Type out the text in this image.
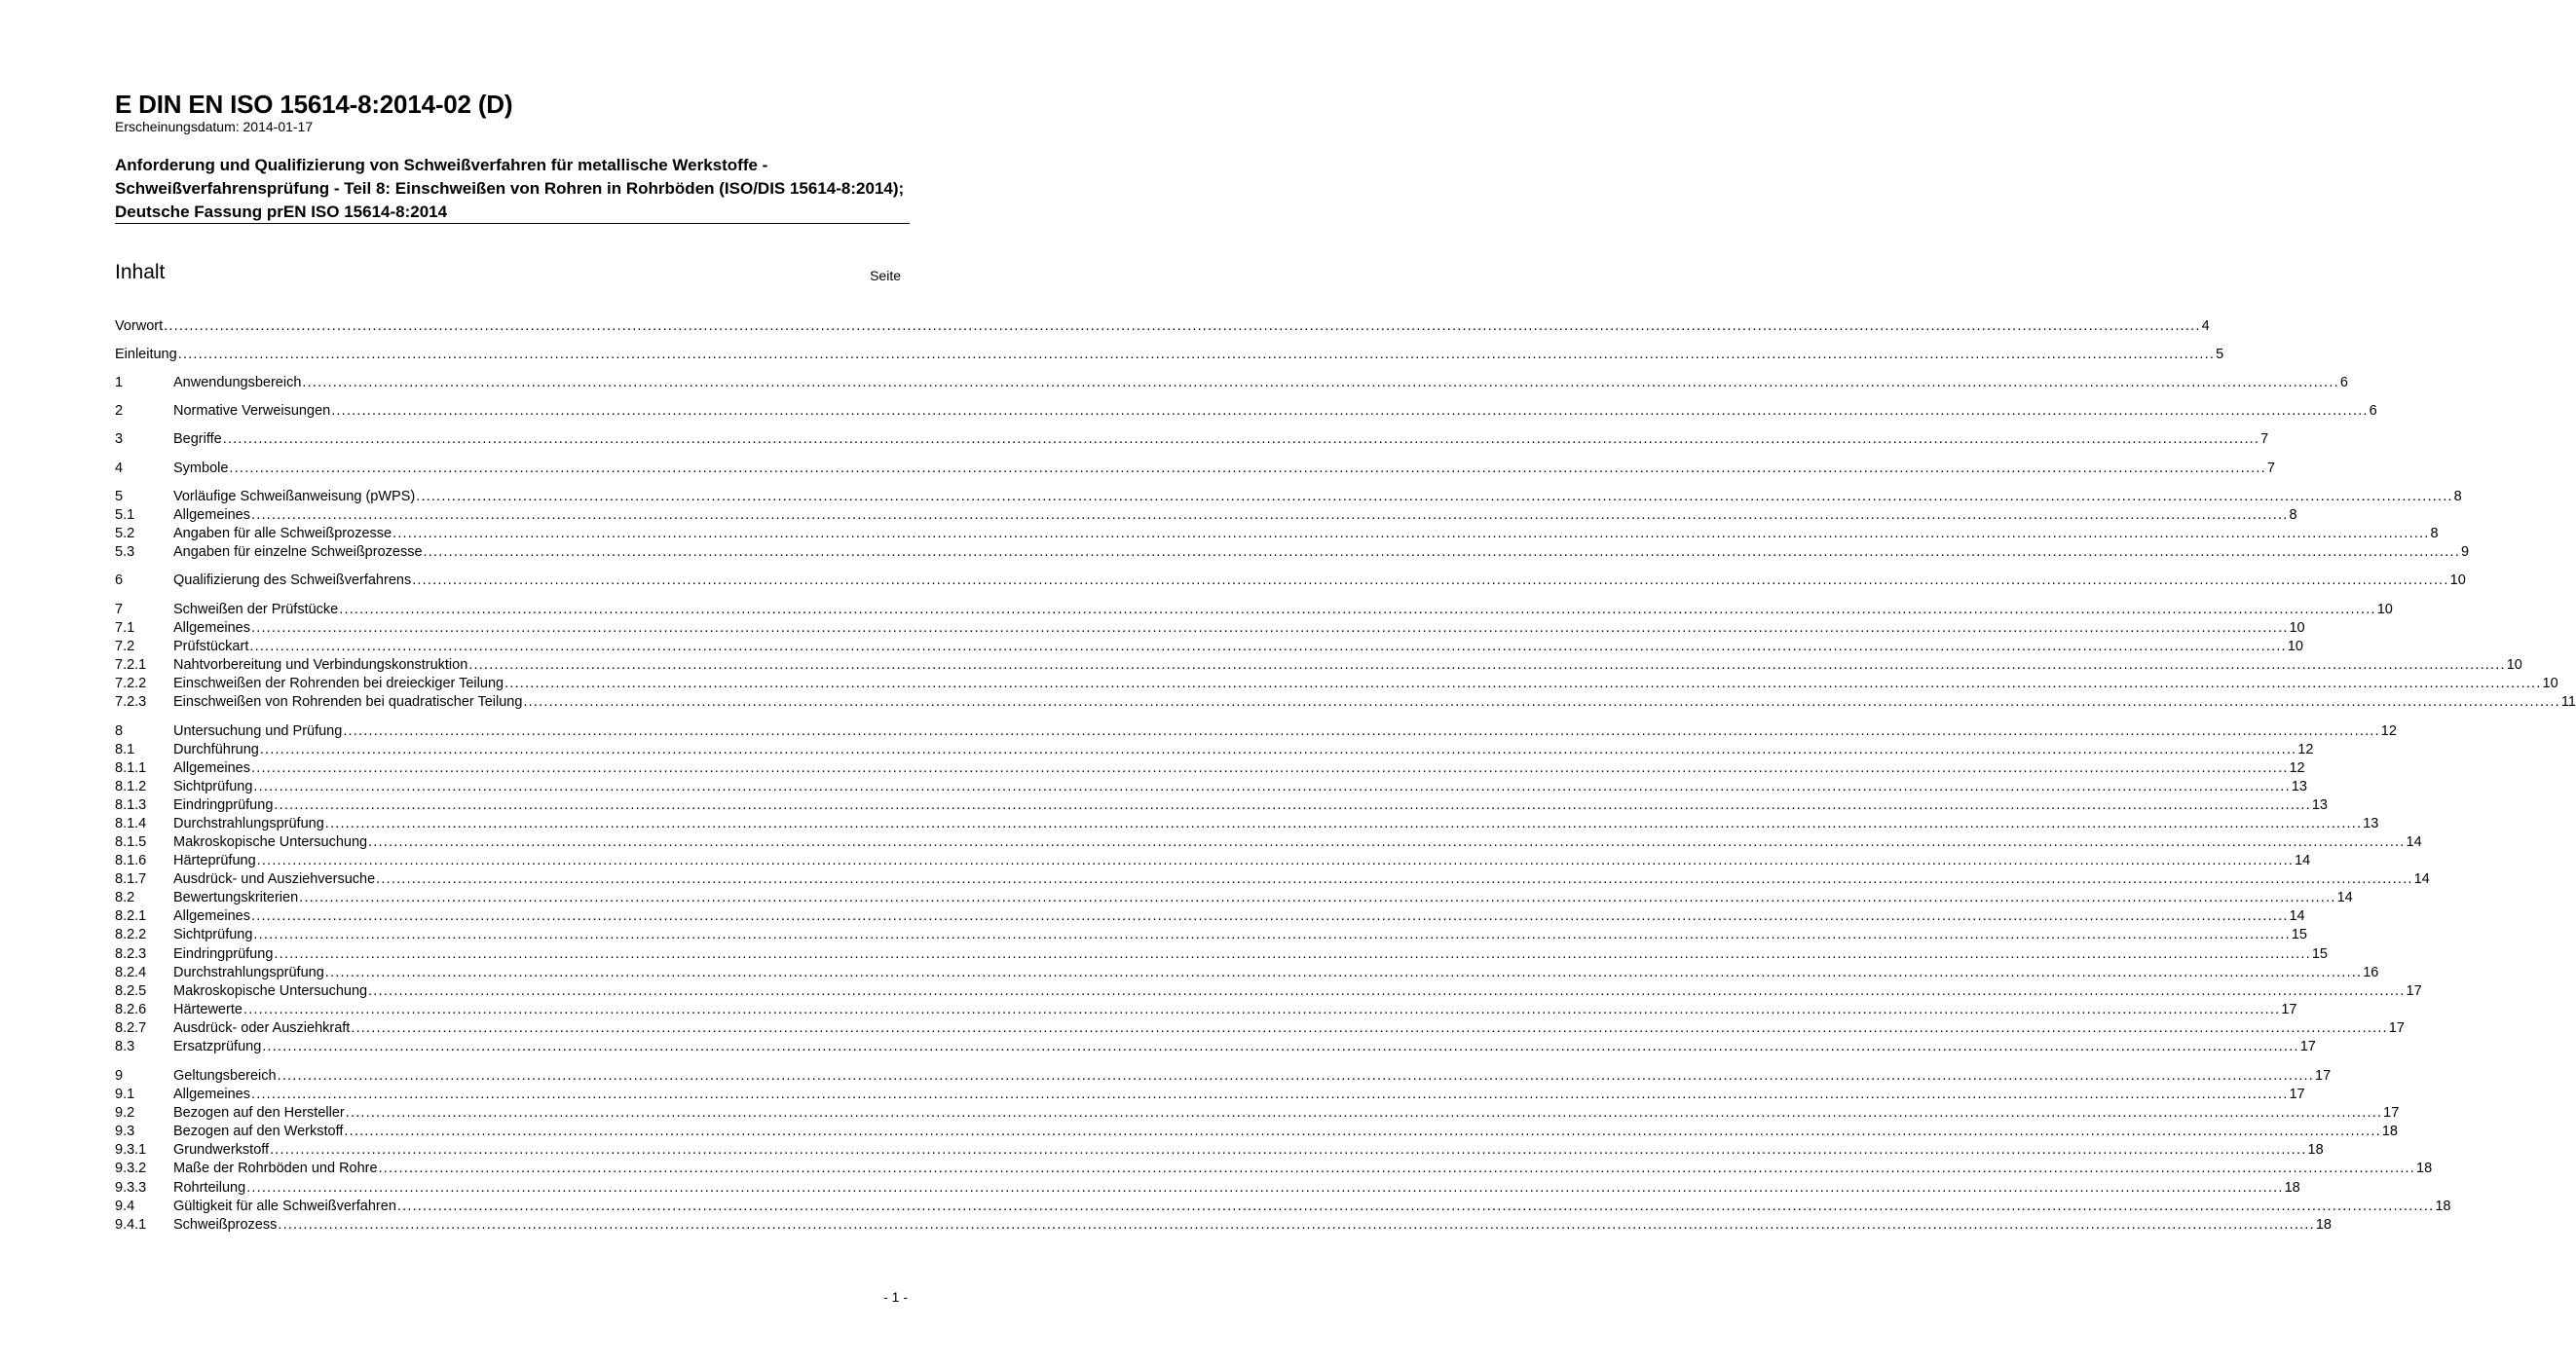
E DIN EN ISO 15614-8:2014-02 (D)
Erscheinungsdatum: 2014-01-17
Anforderung und Qualifizierung von Schweißverfahren für metallische Werkstoffe - Schweißverfahrensprüfung - Teil 8: Einschweißen von Rohren in Rohrböden (ISO/DIS 15614-8:2014); Deutsche Fassung prEN ISO 15614-8:2014
Inhalt	Seite
Vorwort ................................................................................................................................................................................................................................................................................................................................................................................................................ 4
Einleitung ................................................................................................................................................................................................................................................................................................................................................................................................................ 5
1	Anwendungsbereich ................................................................................................................................................................................................................................................................................................................................................................................................................ 6
2	Normative Verweisungen ................................................................................................................................................................................................................................................................................................................................................................................................................ 6
3	Begriffe ................................................................................................................................................................................................................................................................................................................................................................................................................ 7
4	Symbole ................................................................................................................................................................................................................................................................................................................................................................................................................ 7
5	Vorläufige Schweißanweisung (pWPS) ................................................................................................................................................................................................................................................................................................................................................................................................................ 8
5.1	Allgemeines ................................................................................................................................................................................................................................................................................................................................................................................................................ 8
5.2	Angaben für alle Schweißprozesse ................................................................................................................................................................................................................................................................................................................................................................................................................ 8
5.3	Angaben für einzelne Schweißprozesse ................................................................................................................................................................................................................................................................................................................................................................................................................ 9
6	Qualifizierung des Schweißverfahrens ................................................................................................................................................................................................................................................................................................................................................................................................................ 10
7	Schweißen der Prüfstücke ................................................................................................................................................................................................................................................................................................................................................................................................................ 10
7.1	Allgemeines ................................................................................................................................................................................................................................................................................................................................................................................................................ 10
7.2	Prüfstückart ................................................................................................................................................................................................................................................................................................................................................................................................................ 10
7.2.1	Nahtvorbereitung und Verbindungskonstruktion ................................................................................................................................................................................................................................................................................................................................................................................................................ 10
7.2.2	Einschweißen der Rohrenden bei dreieckiger Teilung ................................................................................................................................................................................................................................................................................................................................................................................................................ 10
7.2.3	Einschweißen von Rohrenden bei quadratischer Teilung ................................................................................................................................................................................................................................................................................................................................................................................................................ 11
8	Untersuchung und Prüfung ................................................................................................................................................................................................................................................................................................................................................................................................................ 12
8.1	Durchführung ................................................................................................................................................................................................................................................................................................................................................................................................................ 12
8.1.1	Allgemeines ................................................................................................................................................................................................................................................................................................................................................................................................................ 12
8.1.2	Sichtprüfung ................................................................................................................................................................................................................................................................................................................................................................................................................ 13
8.1.3	Eindringprüfung ................................................................................................................................................................................................................................................................................................................................................................................................................ 13
8.1.4	Durchstrahlungsprüfung ................................................................................................................................................................................................................................................................................................................................................................................................................ 13
8.1.5	Makroskopische Untersuchung ................................................................................................................................................................................................................................................................................................................................................................................................................ 14
8.1.6	Härteprüfung ................................................................................................................................................................................................................................................................................................................................................................................................................ 14
8.1.7	Ausdrück- und Ausziehversuche ................................................................................................................................................................................................................................................................................................................................................................................................................ 14
8.2	Bewertungskriterien ................................................................................................................................................................................................................................................................................................................................................................................................................ 14
8.2.1	Allgemeines ................................................................................................................................................................................................................................................................................................................................................................................................................ 14
8.2.2	Sichtprüfung ................................................................................................................................................................................................................................................................................................................................................................................................................ 15
8.2.3	Eindringprüfung ................................................................................................................................................................................................................................................................................................................................................................................................................ 15
8.2.4	Durchstrahlungsprüfung ................................................................................................................................................................................................................................................................................................................................................................................................................ 16
8.2.5	Makroskopische Untersuchung ................................................................................................................................................................................................................................................................................................................................................................................................................ 17
8.2.6	Härtewerte ................................................................................................................................................................................................................................................................................................................................................................................................................ 17
8.2.7	Ausdrück- oder Ausziehkraft ................................................................................................................................................................................................................................................................................................................................................................................................................ 17
8.3	Ersatzprüfung ................................................................................................................................................................................................................................................................................................................................................................................................................ 17
9	Geltungsbereich ................................................................................................................................................................................................................................................................................................................................................................................................................ 17
9.1	Allgemeines ................................................................................................................................................................................................................................................................................................................................................................................................................ 17
9.2	Bezogen auf den Hersteller ................................................................................................................................................................................................................................................................................................................................................................................................................ 17
9.3	Bezogen auf den Werkstoff ................................................................................................................................................................................................................................................................................................................................................................................................................ 18
9.3.1	Grundwerkstoff ................................................................................................................................................................................................................................................................................................................................................................................................................ 18
9.3.2	Maße der Rohrböden und Rohre ................................................................................................................................................................................................................................................................................................................................................................................................................ 18
9.3.3	Rohrteilung ................................................................................................................................................................................................................................................................................................................................................................................................................ 18
9.4	Gültigkeit für alle Schweißverfahren ................................................................................................................................................................................................................................................................................................................................................................................................................ 18
9.4.1	Schweißprozess ................................................................................................................................................................................................................................................................................................................................................................................................................ 18
- 1 -
